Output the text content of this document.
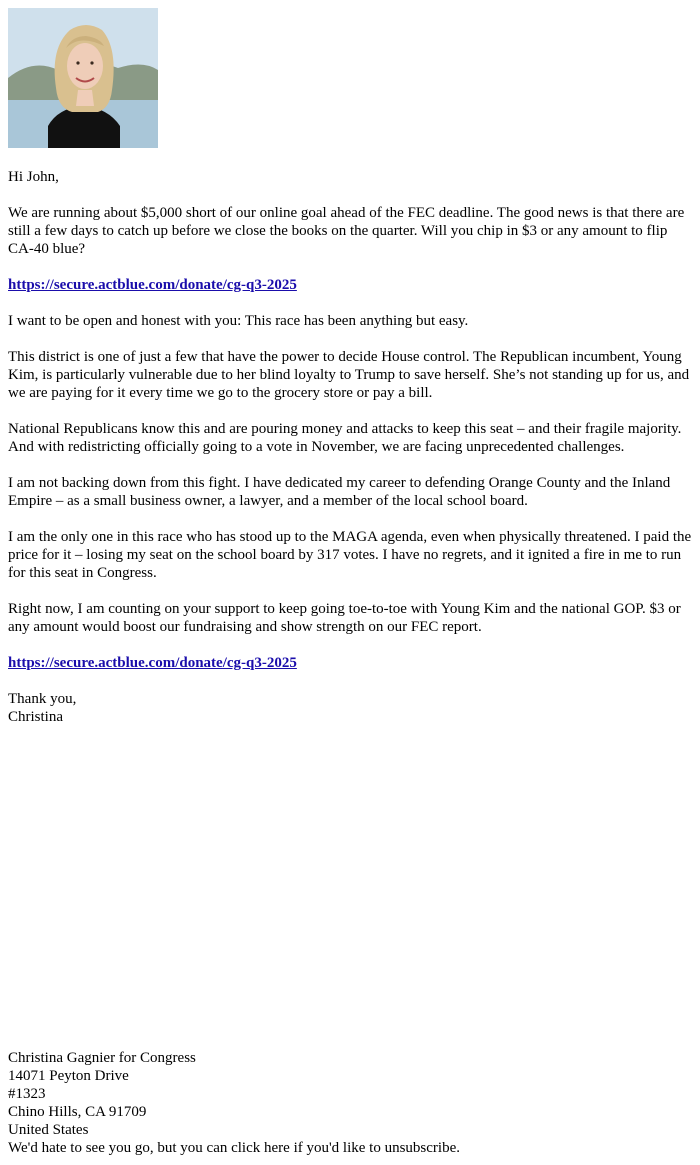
Hi John,

We are running about $5,000 short of our online goal ahead of the FEC deadline. The good news is that there are still a few days to catch up before we close the books on the quarter. Will you chip in $3 or any amount to flip CA-40 blue?

https://secure.actblue.com/donate/cg-q3-2025

I want to be open and honest with you: This race has been anything but easy.

This district is one of just a few that have the power to decide House control. The Republican incumbent, Young Kim, is particularly vulnerable due to her blind loyalty to Trump to save herself. She’s not standing up for us, and we are paying for it every time we go to the grocery store or pay a bill.

National Republicans know this and are pouring money and attacks to keep this seat – and their fragile majority. And with redistricting officially going to a vote in November, we are facing unprecedented challenges.

I am not backing down from this fight. I have dedicated my career to defending Orange County and the Inland Empire – as a small business owner, a lawyer, and a member of the local school board.

I am the only one in this race who has stood up to the MAGA agenda, even when physically threatened. I paid the price for it – losing my seat on the school board by 317 votes. I have no regrets, and it ignited a fire in me to run for this seat in Congress.

Right now, I am counting on your support to keep going toe-to-toe with Young Kim and the national GOP. $3 or any amount would boost our fundraising and show strength on our FEC report.

https://secure.actblue.com/donate/cg-q3-2025

Thank you,
Christina

Christina Gagnier for Congress
14071 Peyton Drive
#1323
Chino Hills, CA 91709
United States
We'd hate to see you go, but you can click here if you'd like to unsubscribe.
